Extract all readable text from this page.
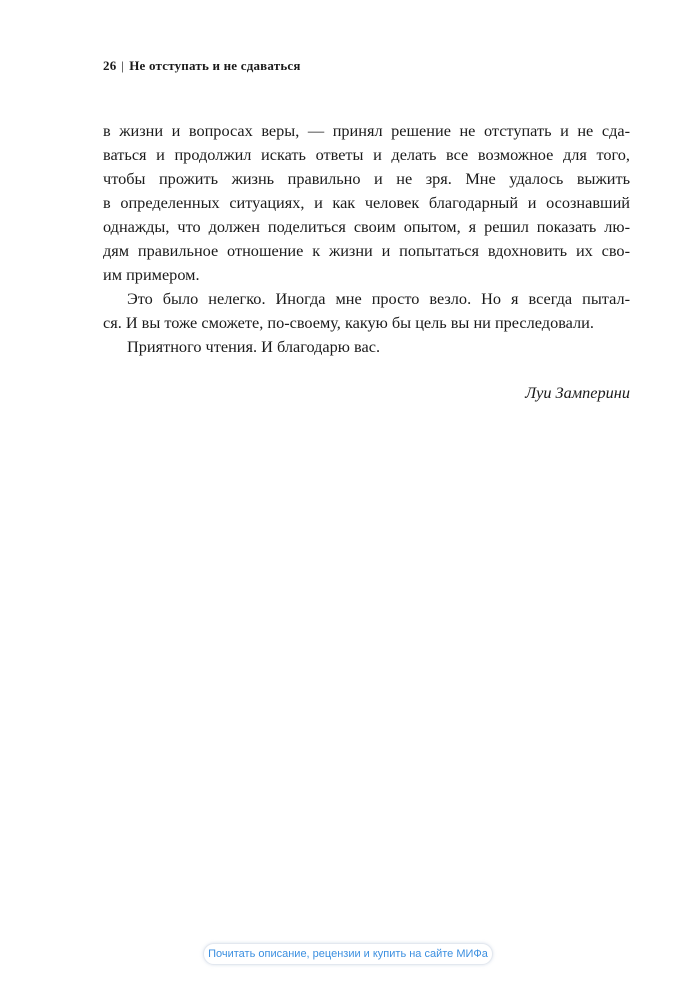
26 | Не отступать и не сдаваться
в жизни и вопросах веры, — принял решение не отступать и не сда-
ваться и продолжил искать ответы и делать все возможное для того,
чтобы прожить жизнь правильно и не зря. Мне удалось выжить
в определенных ситуациях, и как человек благодарный и осознавший
однажды, что должен поделиться своим опытом, я решил показать лю-
дям правильное отношение к жизни и попытаться вдохновить их сво-
им примером.
Это было нелегко. Иногда мне просто везло. Но я всегда пытал-
ся. И вы тоже сможете, по-своему, какую бы цель вы ни преследовали.
Приятного чтения. И благодарю вас.
Луи Замперини
Почитать описание, рецензии и купить на сайте МИФа
